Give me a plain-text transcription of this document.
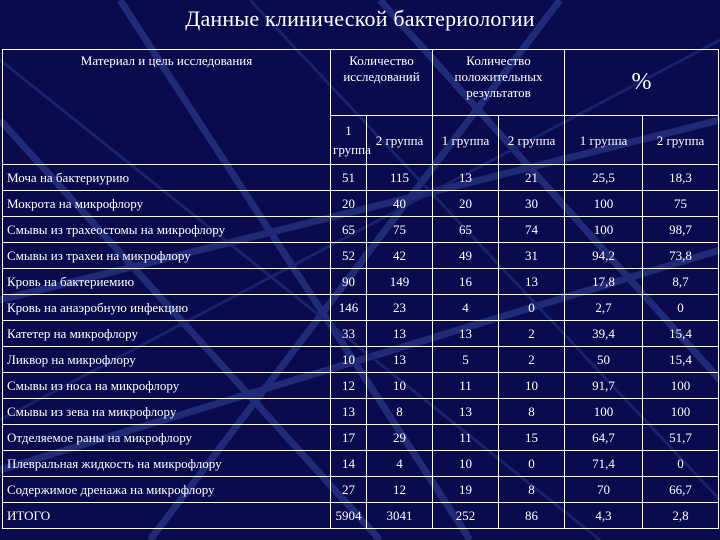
Данные клинической бактериологии
Материал и цель исследования	Количество исследований		Количество положительных результатов		%	
	1 группа	2 группа	1 группа	2 группа	1 группа	2 группа
Моча на бактериурию	51	115	13	21	25,5	18,3
Мокрота на микрофлору	20	40	20	30	100	75
Смывы из трахеостомы на микрофлору	65	75	65	74	100	98,7
Смывы из трахеи на микрофлору	52	42	49	31	94,2	73,8
Кровь на бактериемию	90	149	16	13	17,8	8,7
Кровь на анаэробную инфекцию	146	23	4	0	2,7	0
Катетер на микрофлору	33	13	13	2	39,4	15,4
Ликвор на микрофлору	10	13	5	2	50	15,4
Смывы из носа на микрофлору	12	10	11	10	91,7	100
Смывы из зева на микрофлору	13	8	13	8	100	100
Отделяемое раны на микрофлору	17	29	11	15	64,7	51,7
Плевральная жидкость на микрофлору	14	4	10	0	71,4	0
Содержимое дренажа на микрофлору	27	12	19	8	70	66,7
ИТОГО	5904	3041	252	86	4,3	2,8
